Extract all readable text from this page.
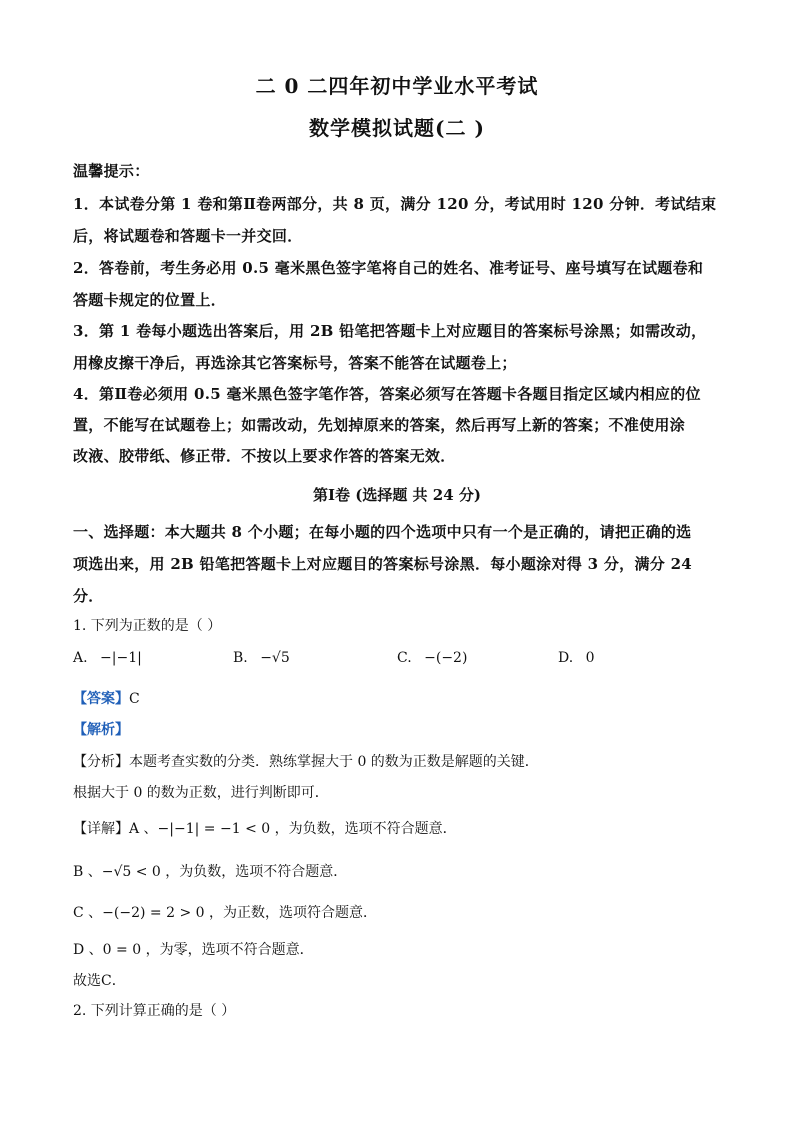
二 0 二四年初中学业水平考试
数学模拟试题(二 )
温馨提示：
1．本试卷分第 1 卷和第Ⅱ卷两部分，共 8 页，满分 120 分，考试用时 120 分钟．考试结束
后，将试题卷和答题卡一并交回．
2．答卷前，考生务必用 0.5 毫米黑色签字笔将自己的姓名、准考证号、座号填写在试题卷和
答题卡规定的位置上．
3．第 1 卷每小题选出答案后，用 2B 铅笔把答题卡上对应题目的答案标号涂黑；如需改动，
用橡皮擦干净后，再选涂其它答案标号，答案不能答在试题卷上；
4．第Ⅱ卷必须用 0.5 毫米黑色签字笔作答，答案必须写在答题卡各题目指定区域内相应的位
置，不能写在试题卷上；如需改动，先划掉原来的答案，然后再写上新的答案；不准使用涂
改液、胶带纸、修正带．不按以上要求作答的答案无效．
第Ⅰ卷 (选择题 共 24 分)
一、选择题：本大题共 8 个小题；在每小题的四个选项中只有一个是正确的，请把正确的选
项选出来，用 2B 铅笔把答题卡上对应题目的答案标号涂黑．每小题涂对得 3 分，满分 24
分．
1. 下列为正数的是（ ）
A. −|−1|	B. −√5	C. −(−2)	D. 0
【答案】C
【解析】
【分析】本题考查实数的分类．熟练掌握大于 0 的数为正数是解题的关键．
根据大于 0 的数为正数，进行判断即可．
【详解】A 、−|−1| = −1 < 0 ，为负数，选项不符合题意．
B 、−√5 < 0 ，为负数，选项不符合题意．
C 、−(−2) = 2 > 0 ，为正数，选项符合题意．
D 、0 = 0 ，为零，选项不符合题意．
故选C．
2. 下列计算正确的是（ ）
